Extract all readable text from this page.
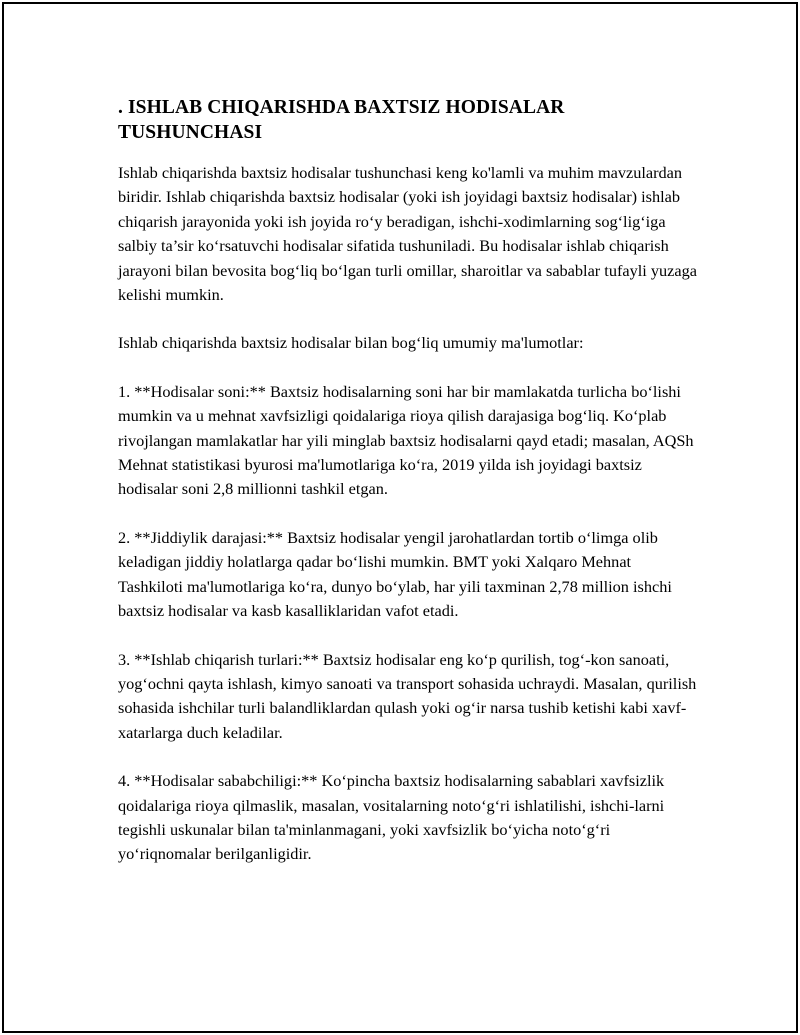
. ISHLAB CHIQARISHDA BAXTSIZ HODISALAR TUSHUNCHASI

Ishlab chiqarishda baxtsiz hodisalar tushunchasi keng ko'lamli va muhim mavzulardan biridir. Ishlab chiqarishda baxtsiz hodisalar (yoki ish joyidagi baxtsiz hodisalar) ishlab chiqarish jarayonida yoki ish joyida ro‘y beradigan, ishchi-xodimlarning sog‘lig‘iga salbiy ta’sir ko‘rsatuvchi hodisalar sifatida tushuniladi. Bu hodisalar ishlab chiqarish jarayoni bilan bevosita bog‘liq bo‘lgan turli omillar, sharoitlar va sabablar tufayli yuzaga kelishi mumkin.

Ishlab chiqarishda baxtsiz hodisalar bilan bog‘liq umumiy ma'lumotlar:

1. **Hodisalar soni:** Baxtsiz hodisalarning soni har bir mamlakatda turlicha bo‘lishi mumkin va u mehnat xavfsizligi qoidalariga rioya qilish darajasiga bog‘liq. Ko‘plab rivojlangan mamlakatlar har yili minglab baxtsiz hodisalarni qayd etadi; masalan, AQSh Mehnat statistikasi byurosi ma'lumotlariga ko‘ra, 2019 yilda ish joyidagi baxtsiz hodisalar soni 2,8 millionni tashkil etgan.

2. **Jiddiylik darajasi:** Baxtsiz hodisalar yengil jarohatlardan tortib o‘limga olib keladigan jiddiy holatlarga qadar bo‘lishi mumkin. BMT yoki Xalqaro Mehnat Tashkiloti ma'lumotlariga ko‘ra, dunyo bo‘ylab, har yili taxminan 2,78 million ishchi baxtsiz hodisalar va kasb kasalliklaridan vafot etadi.

3. **Ishlab chiqarish turlari:** Baxtsiz hodisalar eng ko‘p qurilish, tog‘-kon sanoati, yog‘ochni qayta ishlash, kimyo sanoati va transport sohasida uchraydi. Masalan, qurilish sohasida ishchilar turli balandliklardan qulash yoki og‘ir narsa tushib ketishi kabi xavf-xatarlarga duch keladilar.

4. **Hodisalar sababchiligi:** Ko‘pincha baxtsiz hodisalarning sabablari xavfsizlik qoidalariga rioya qilmaslik, masalan, vositalarning noto‘g‘ri ishlatilishi, ishchi-larni tegishli uskunalar bilan ta'minlanmagani, yoki xavfsizlik bo‘yicha noto‘g‘ri yo‘riqnomalar berilganligidir.
